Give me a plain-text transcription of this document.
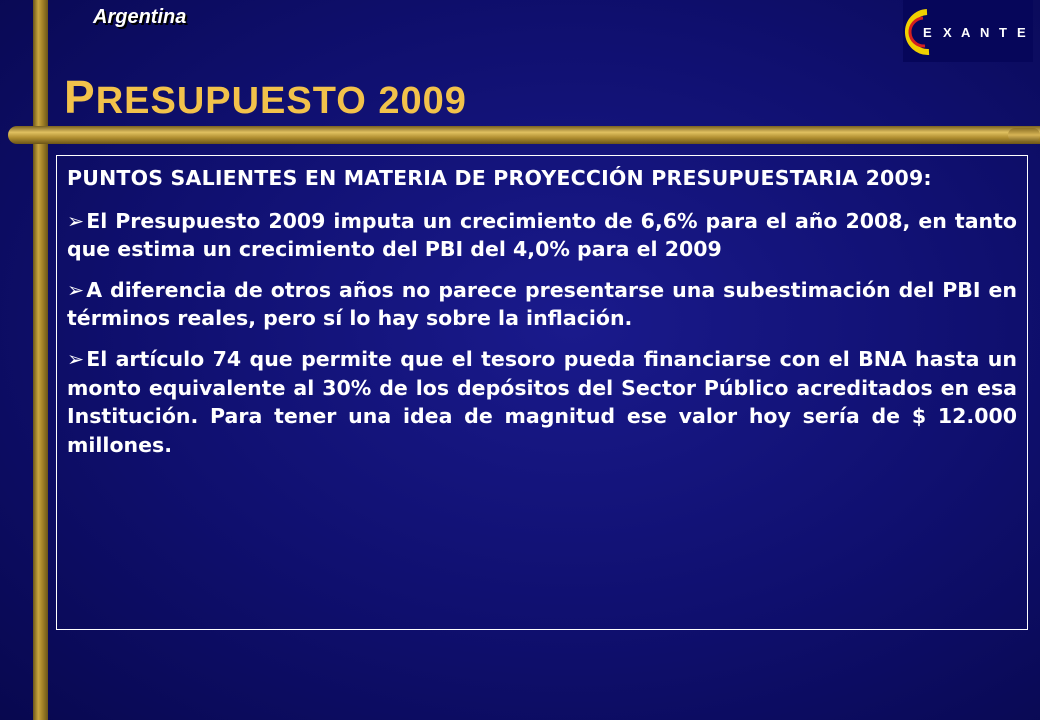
Argentina
PRESUPUESTO 2009
E X A N T E
PUNTOS SALIENTES EN MATERIA DE PROYECCIÓN PRESUPUESTARIA 2009:
➢El Presupuesto 2009 imputa un crecimiento de 6,6% para el año 2008, en tanto que estima un crecimiento del PBI del 4,0% para el 2009
➢A diferencia de otros años no parece presentarse una subestimación del PBI en términos reales, pero sí lo hay sobre la inflación.
➢El artículo 74 que permite que el tesoro pueda financiarse con el BNA hasta un monto equivalente al 30% de los depósitos del Sector Público acreditados en esa Institución. Para tener una idea de magnitud ese valor hoy sería de $ 12.000 millones.
